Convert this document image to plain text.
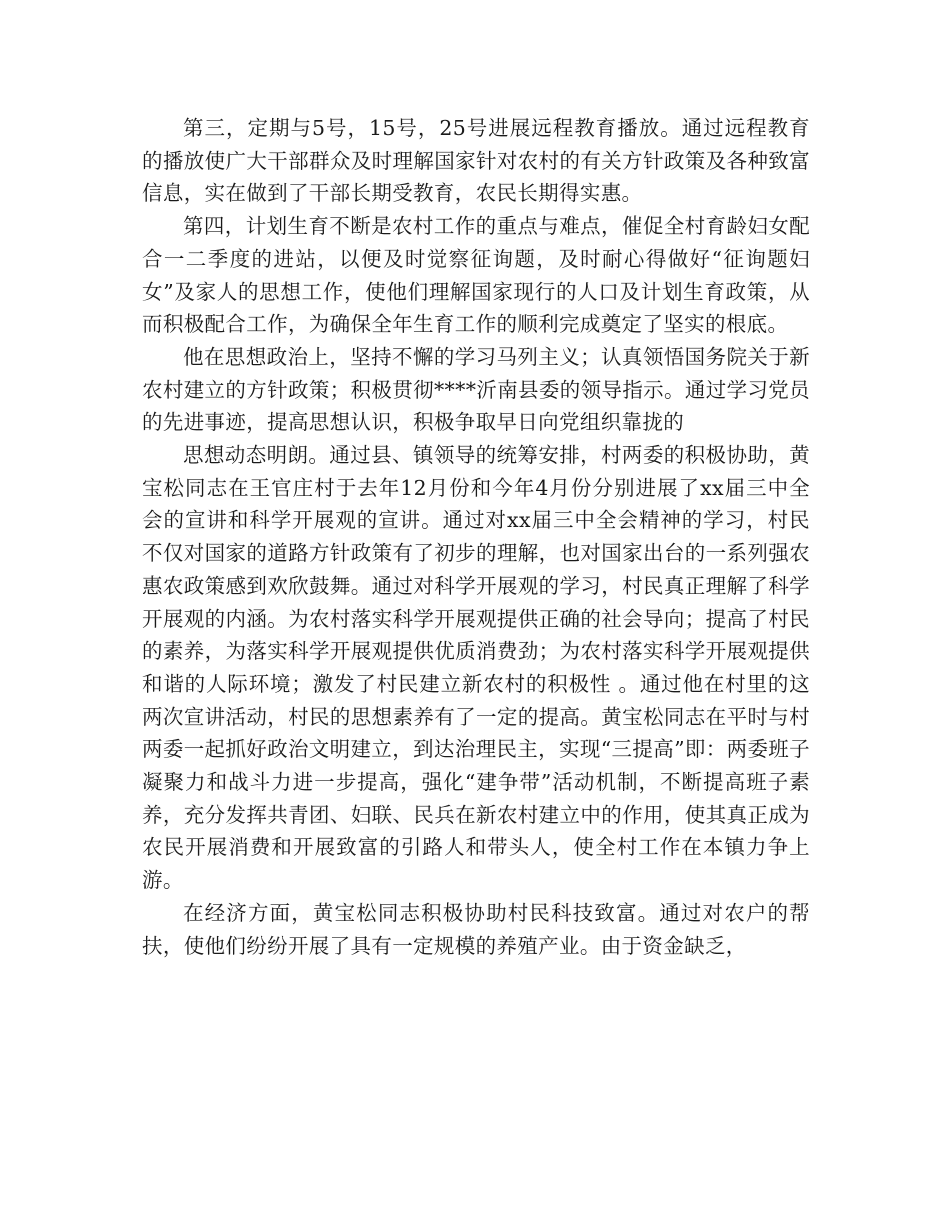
第三，定期与5号，15号，25号进展远程教育播放。通过远程教育的播放使广大干部群众及时理解国家针对农村的有关方针政策及各种致富信息，实在做到了干部长期受教育，农民长期得实惠。

第四，计划生育不断是农村工作的重点与难点，催促全村育龄妇女配合一二季度的进站，以便及时觉察征询题，及时耐心得做好“征询题妇女”及家人的思想工作，使他们理解国家现行的人口及计划生育政策，从而积极配合工作，为确保全年生育工作的顺利完成奠定了坚实的根底。

他在思想政治上，坚持不懈的学习马列主义；认真领悟国务院关于新农村建立的方针政策；积极贯彻****沂南县委的领导指示。通过学习党员的先进事迹，提高思想认识，积极争取早日向党组织靠拢的

思想动态明朗。通过县、镇领导的统筹安排，村两委的积极协助，黄宝松同志在王官庄村于去年12月份和今年4月份分别进展了xx届三中全会的宣讲和科学开展观的宣讲。通过对xx届三中全会精神的学习，村民不仅对国家的道路方针政策有了初步的理解，也对国家出台的一系列强农惠农政策感到欢欣鼓舞。通过对科学开展观的学习，村民真正理解了科学开展观的内涵。为农村落实科学开展观提供正确的社会导向；提高了村民的素养，为落实科学开展观提供优质消费劲；为农村落实科学开展观提供和谐的人际环境；激发了村民建立新农村的积极性 。通过他在村里的这两次宣讲活动，村民的思想素养有了一定的提高。黄宝松同志在平时与村两委一起抓好政治文明建立，到达治理民主，实现“三提高”即：两委班子凝聚力和战斗力进一步提高，强化“建争带”活动机制，不断提高班子素养，充分发挥共青团、妇联、民兵在新农村建立中的作用，使其真正成为农民开展消费和开展致富的引路人和带头人，使全村工作在本镇力争上游。

在经济方面，黄宝松同志积极协助村民科技致富。通过对农户的帮扶，使他们纷纷开展了具有一定规模的养殖产业。由于资金缺乏，
